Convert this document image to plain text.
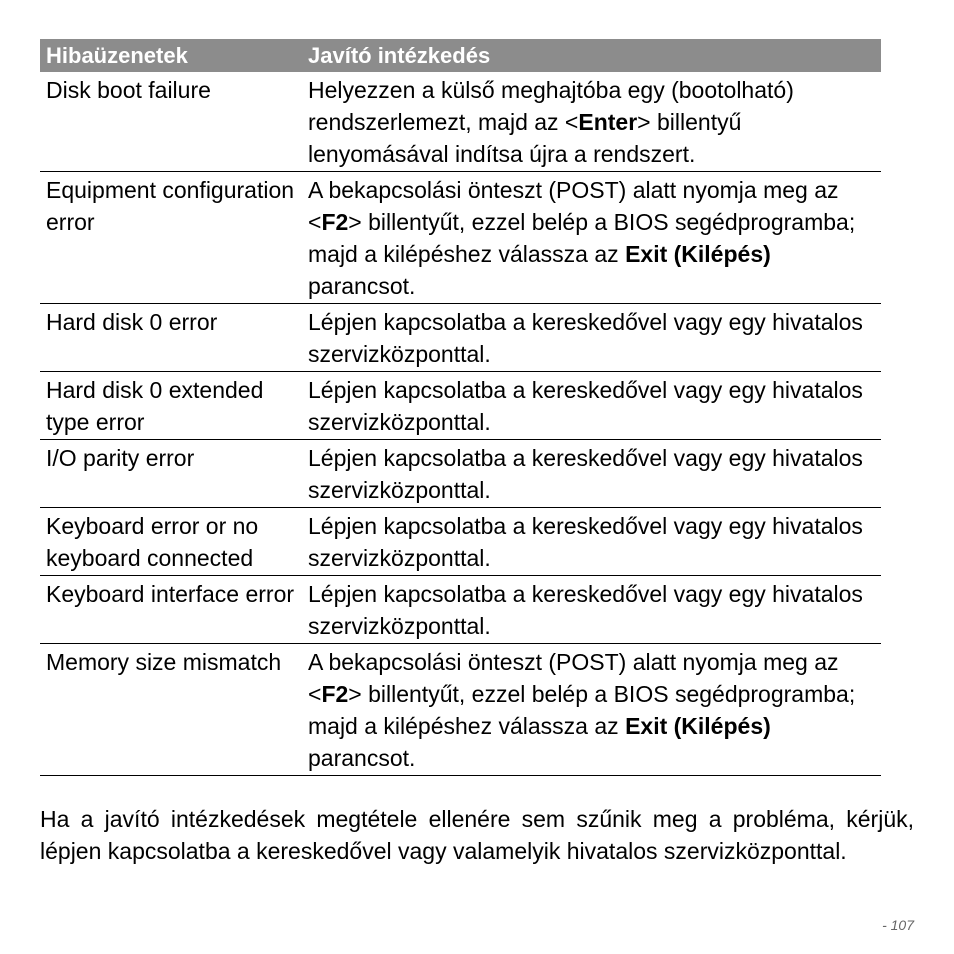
Hibaüzenetek	Javító intézkedés
Disk boot failure	Helyezzen a külső meghajtóba egy (bootolható) rendszerlemezt, majd az <Enter> billentyű lenyomásával indítsa újra a rendszert.
Equipment configuration error	A bekapcsolási önteszt (POST) alatt nyomja meg az <F2> billentyűt, ezzel belép a BIOS segédprogramba; majd a kilépéshez válassza az Exit (Kilépés) parancsot.
Hard disk 0 error	Lépjen kapcsolatba a kereskedővel vagy egy hivatalos szervizközponttal.
Hard disk 0 extended type error	Lépjen kapcsolatba a kereskedővel vagy egy hivatalos szervizközponttal.
I/O parity error	Lépjen kapcsolatba a kereskedővel vagy egy hivatalos szervizközponttal.
Keyboard error or no keyboard connected	Lépjen kapcsolatba a kereskedővel vagy egy hivatalos szervizközponttal.
Keyboard interface error	Lépjen kapcsolatba a kereskedővel vagy egy hivatalos szervizközponttal.
Memory size mismatch	A bekapcsolási önteszt (POST) alatt nyomja meg az <F2> billentyűt, ezzel belép a BIOS segédprogramba; majd a kilépéshez válassza az Exit (Kilépés) parancsot.

Ha a javító intézkedések megtétele ellenére sem szűnik meg a probléma, kérjük, lépjen kapcsolatba a kereskedővel vagy valamelyik hivatalos szervizközponttal.

- 107
